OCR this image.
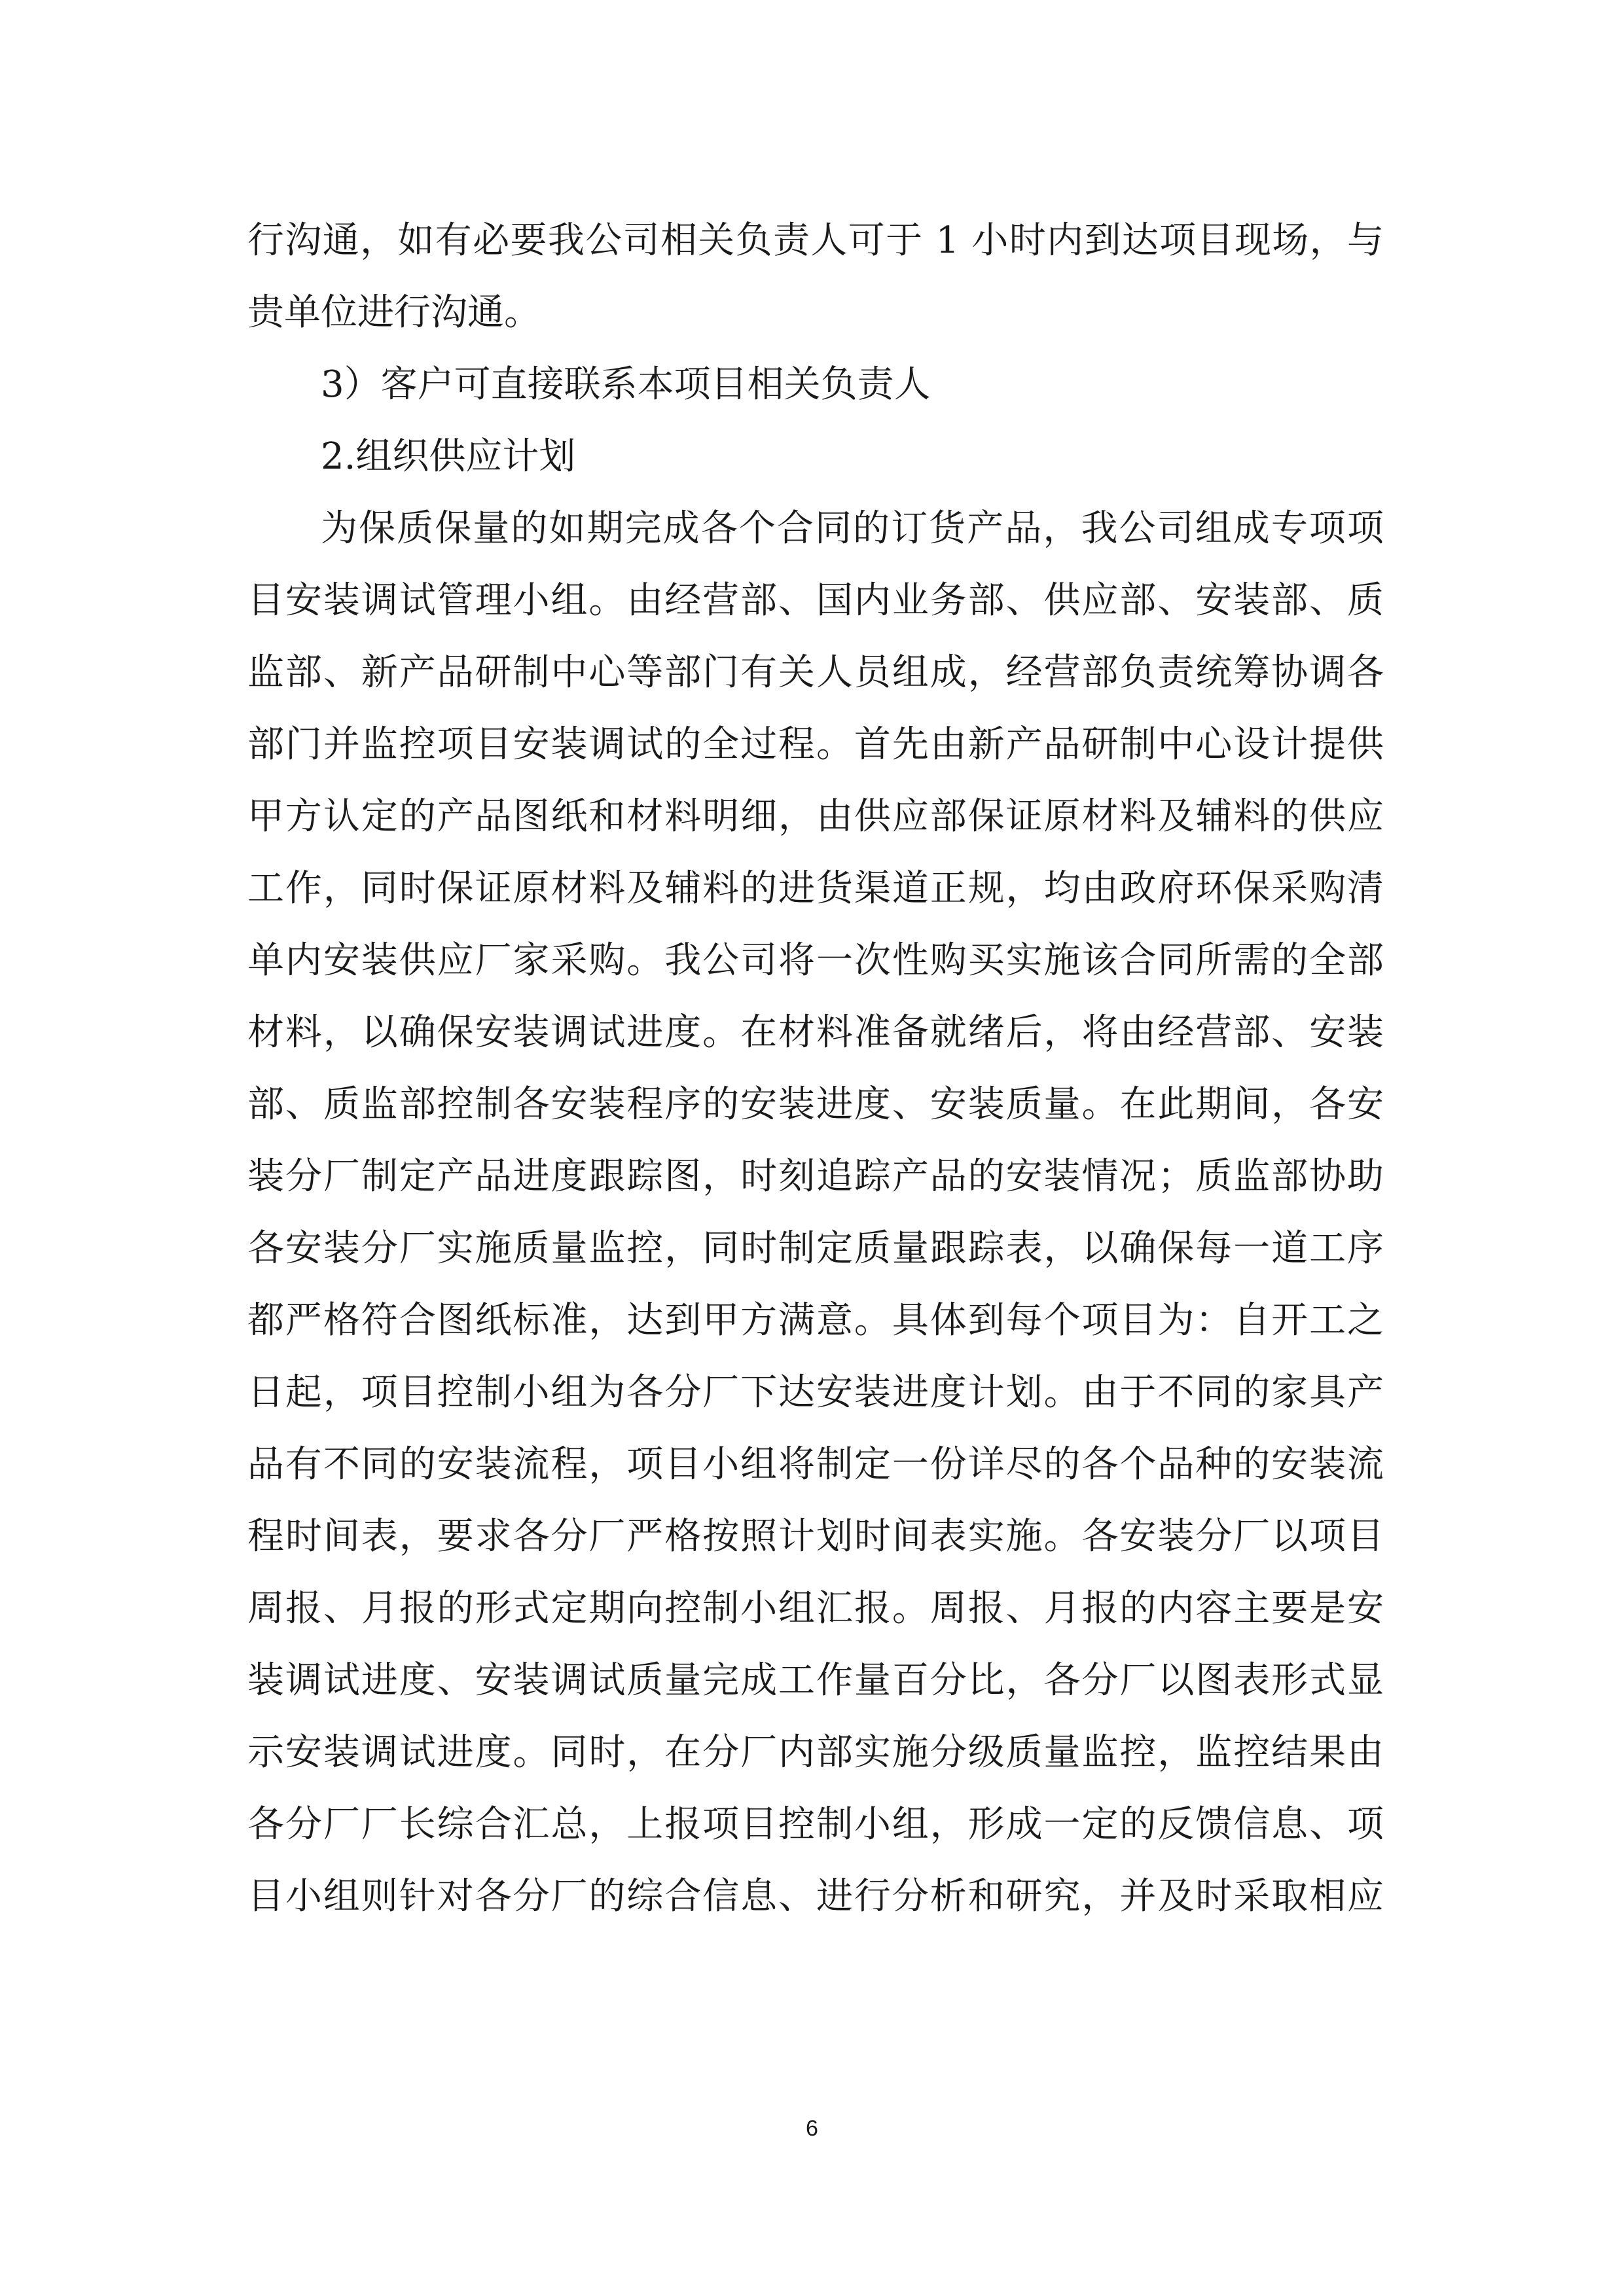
行沟通，如有必要我公司相关负责人可于 1 小时内到达项目现场，与
贵单位进行沟通。
3）客户可直接联系本项目相关负责人
2.组织供应计划
为保质保量的如期完成各个合同的订货产品，我公司组成专项项
目安装调试管理小组。由经营部、国内业务部、供应部、安装部、质
监部、新产品研制中心等部门有关人员组成，经营部负责统筹协调各
部门并监控项目安装调试的全过程。首先由新产品研制中心设计提供
甲方认定的产品图纸和材料明细，由供应部保证原材料及辅料的供应
工作，同时保证原材料及辅料的进货渠道正规，均由政府环保采购清
单内安装供应厂家采购。我公司将一次性购买实施该合同所需的全部
材料，以确保安装调试进度。在材料准备就绪后，将由经营部、安装
部、质监部控制各安装程序的安装进度、安装质量。在此期间，各安
装分厂制定产品进度跟踪图，时刻追踪产品的安装情况；质监部协助
各安装分厂实施质量监控，同时制定质量跟踪表，以确保每一道工序
都严格符合图纸标准，达到甲方满意。具体到每个项目为：自开工之
日起，项目控制小组为各分厂下达安装进度计划。由于不同的家具产
品有不同的安装流程，项目小组将制定一份详尽的各个品种的安装流
程时间表，要求各分厂严格按照计划时间表实施。各安装分厂以项目
周报、月报的形式定期向控制小组汇报。周报、月报的内容主要是安
装调试进度、安装调试质量完成工作量百分比，各分厂以图表形式显
示安装调试进度。同时，在分厂内部实施分级质量监控，监控结果由
各分厂厂长综合汇总，上报项目控制小组，形成一定的反馈信息、项
目小组则针对各分厂的综合信息、进行分析和研究，并及时采取相应
6
